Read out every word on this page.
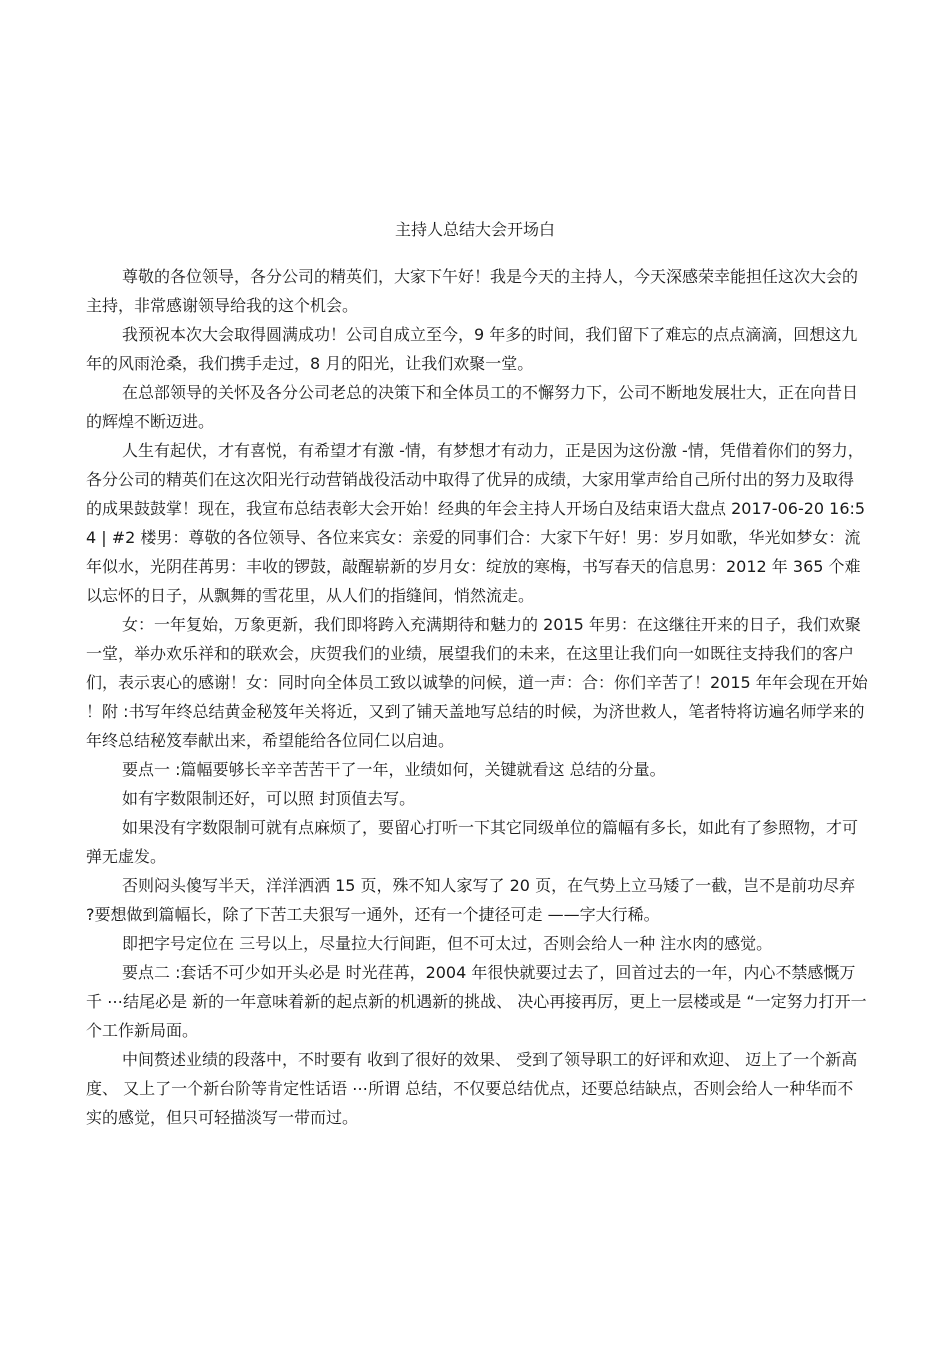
主持人总结大会开场白

尊敬的各位领导，各分公司的精英们，大家下午好！我是今天的主持人，今天深感荣幸能担任这次大会的主持，非常感谢领导给我的这个机会。

我预祝本次大会取得圆满成功！公司自成立至今，9 年多的时间，我们留下了难忘的点点滴滴，回想这九年的风雨沧桑，我们携手走过，8 月的阳光，让我们欢聚一堂。

在总部领导的关怀及各分公司老总的决策下和全体员工的不懈努力下，公司不断地发展壮大，正在向昔日的辉煌不断迈进。

人生有起伏，才有喜悦，有希望才有激 -情，有梦想才有动力，正是因为这份激 -情，凭借着你们的努力，各分公司的精英们在这次阳光行动营销战役活动中取得了优异的成绩，大家用掌声给自己所付出的努力及取得的成果鼓鼓掌！现在，我宣布总结表彰大会开始！经典的年会主持人开场白及结束语大盘点 2017-06-20 16:54 | #2 楼男：尊敬的各位领导、各位来宾女：亲爱的同事们合：大家下午好！男：岁月如歌，华光如梦女：流年似水，光阴荏苒男：丰收的锣鼓，敲醒崭新的岁月女：绽放的寒梅，书写春天的信息男：2012 年 365 个难以忘怀的日子，从飘舞的雪花里，从人们的指缝间，悄然流走。

女：一年复始，万象更新，我们即将跨入充满期待和魅力的 2015 年男：在这继往开来的日子，我们欢聚一堂，举办欢乐祥和的联欢会，庆贺我们的业绩，展望我们的未来，在这里让我们向一如既往支持我们的客户们，表示衷心的感谢！女：同时向全体员工致以诚挚的问候，道一声：合：你们辛苦了！2015 年年会现在开始！附 :书写年终总结黄金秘笈年关将近，又到了铺天盖地写总结的时候，为济世救人，笔者特将访遍名师学来的年终总结秘笈奉献出来，希望能给各位同仁以启迪。

要点一 :篇幅要够长辛辛苦苦干了一年，业绩如何，关键就看这 总结的分量。

如有字数限制还好，可以照 封顶值去写。

如果没有字数限制可就有点麻烦了，要留心打听一下其它同级单位的篇幅有多长，如此有了参照物，才可 弹无虚发。

否则闷头傻写半天，洋洋洒洒 15 页，殊不知人家写了 20 页，在气势上立马矮了一截，岂不是前功尽弃 ?要想做到篇幅长，除了下苦工夫狠写一通外，还有一个捷径可走 ——字大行稀。

即把字号定位在 三号以上，尽量拉大行间距，但不可太过，否则会给人一种 注水肉的感觉。

要点二 :套话不可少如开头必是 时光荏苒，2004 年很快就要过去了，回首过去的一年，内心不禁感慨万千 ⋯结尾必是 新的一年意味着新的起点新的机遇新的挑战、 决心再接再厉，更上一层楼或是 “一定努力打开一个工作新局面。

中间赘述业绩的段落中，不时要有 收到了很好的效果、 受到了领导职工的好评和欢迎、 迈上了一个新高度、 又上了一个新台阶等肯定性话语 ⋯所谓 总结，不仅要总结优点，还要总结缺点，否则会给人一种华而不实的感觉，但只可轻描淡写一带而过。
